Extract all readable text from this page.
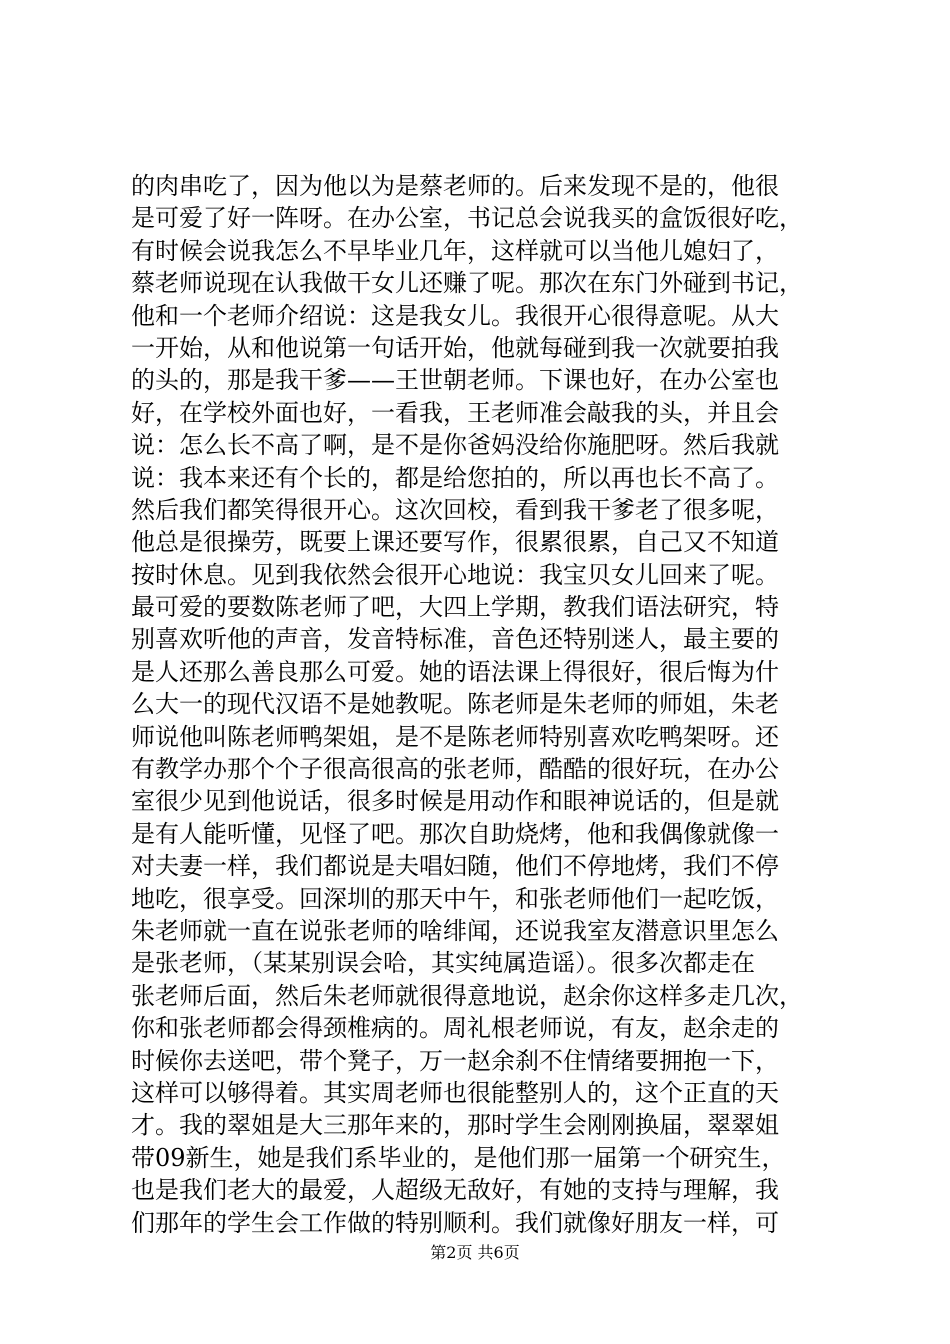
的肉串吃了，因为他以为是蔡老师的。后来发现不是的，他很
是可爱了好一阵呀。在办公室，书记总会说我买的盒饭很好吃，
有时候会说我怎么不早毕业几年，这样就可以当他儿媳妇了，
蔡老师说现在认我做干女儿还赚了呢。那次在东门外碰到书记，
他和一个老师介绍说：这是我女儿。我很开心很得意呢。从大
一开始，从和他说第一句话开始，他就每碰到我一次就要拍我
的头的，那是我干爹——王世朝老师。下课也好，在办公室也
好，在学校外面也好，一看我，王老师准会敲我的头，并且会
说：怎么长不高了啊，是不是你爸妈没给你施肥呀。然后我就
说：我本来还有个长的，都是给您拍的，所以再也长不高了。
然后我们都笑得很开心。这次回校，看到我干爹老了很多呢，
他总是很操劳，既要上课还要写作，很累很累，自己又不知道
按时休息。见到我依然会很开心地说：我宝贝女儿回来了呢。
最可爱的要数陈老师了吧，大四上学期，教我们语法研究，特
别喜欢听他的声音，发音特标准，音色还特别迷人，最主要的
是人还那么善良那么可爱。她的语法课上得很好，很后悔为什
么大一的现代汉语不是她教呢。陈老师是朱老师的师姐，朱老
师说他叫陈老师鸭架姐，是不是陈老师特别喜欢吃鸭架呀。还
有教学办那个个子很高很高的张老师，酷酷的很好玩，在办公
室很少见到他说话，很多时候是用动作和眼神说话的，但是就
是有人能听懂，见怪了吧。那次自助烧烤，他和我偶像就像一
对夫妻一样，我们都说是夫唱妇随，他们不停地烤，我们不停
地吃，很享受。回深圳的那天中午，和张老师他们一起吃饭，
朱老师就一直在说张老师的啥绯闻，还说我室友潜意识里怎么
是张老师，（某某别误会哈，其实纯属造谣）。很多次都走在
张老师后面，然后朱老师就很得意地说，赵余你这样多走几次，
你和张老师都会得颈椎病的。周礼根老师说，有友，赵余走的
时候你去送吧，带个凳子，万一赵余刹不住情绪要拥抱一下，
这样可以够得着。其实周老师也很能整别人的，这个正直的天
才。我的翠姐是大三那年来的，那时学生会刚刚换届，翠翠姐
带09新生，她是我们系毕业的，是他们那一届第一个研究生，
也是我们老大的最爱，人超级无敌好，有她的支持与理解，我
们那年的学生会工作做的特别顺利。我们就像好朋友一样，可
第2页 共6页
